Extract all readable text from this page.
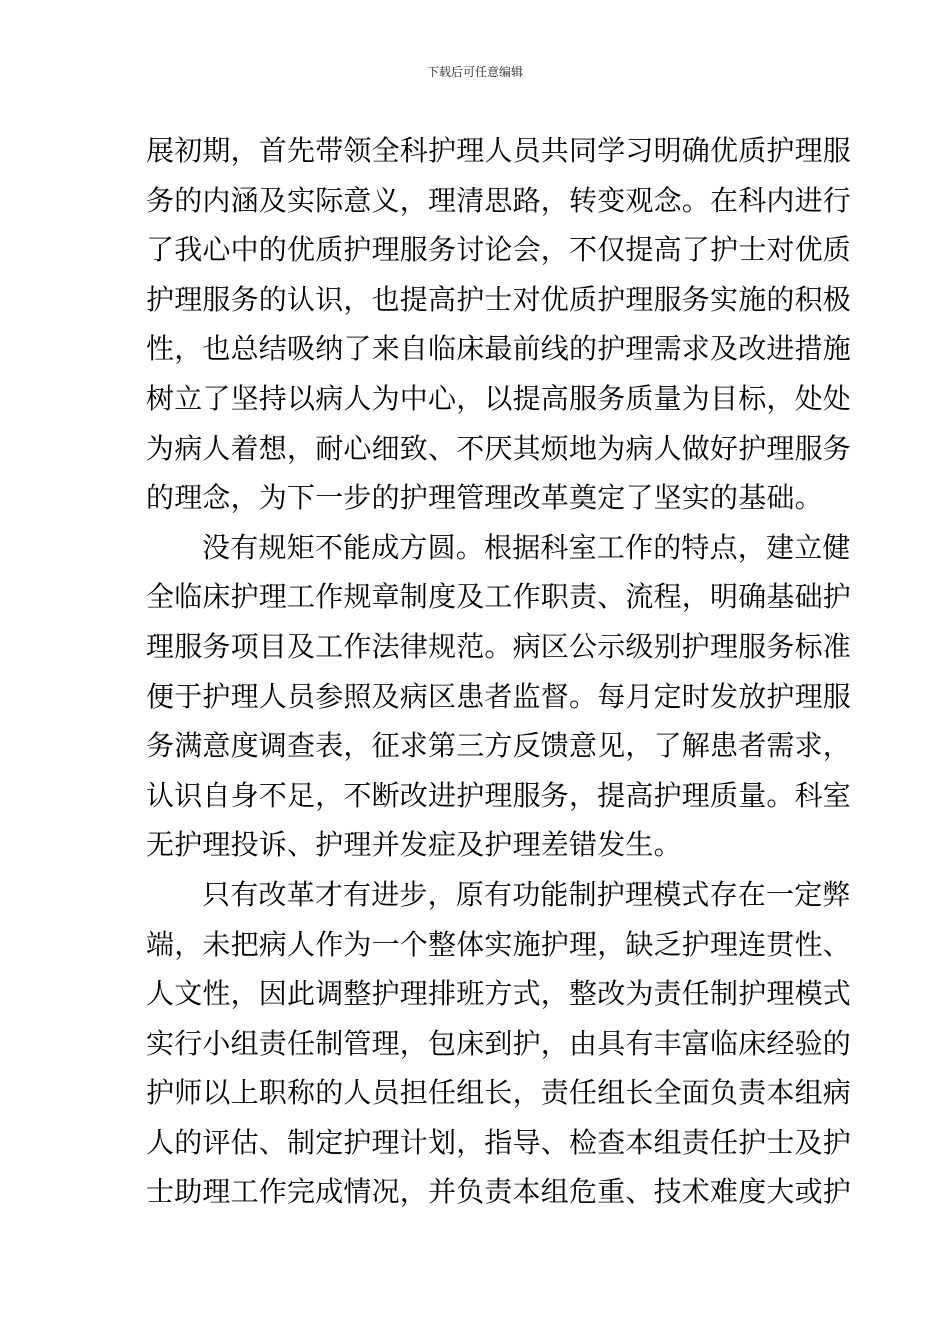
下载后可任意编辑
展初期，首先带领全科护理人员共同学习明确优质护理服
务的内涵及实际意义，理清思路，转变观念。在科内进行
了我心中的优质护理服务讨论会，不仅提高了护士对优质
护理服务的认识，也提高护士对优质护理服务实施的积极
性，也总结吸纳了来自临床最前线的护理需求及改进措施
树立了坚持以病人为中心，以提高服务质量为目标，处处
为病人着想，耐心细致、不厌其烦地为病人做好护理服务
的理念，为下一步的护理管理改革奠定了坚实的基础。
没有规矩不能成方圆。根据科室工作的特点，建立健
全临床护理工作规章制度及工作职责、流程，明确基础护
理服务项目及工作法律规范。病区公示级别护理服务标准
便于护理人员参照及病区患者监督。每月定时发放护理服
务满意度调查表，征求第三方反馈意见，了解患者需求，
认识自身不足，不断改进护理服务，提高护理质量。科室
无护理投诉、护理并发症及护理差错发生。
只有改革才有进步，原有功能制护理模式存在一定弊
端，未把病人作为一个整体实施护理，缺乏护理连贯性、
人文性，因此调整护理排班方式，整改为责任制护理模式
实行小组责任制管理，包床到护，由具有丰富临床经验的
护师以上职称的人员担任组长，责任组长全面负责本组病
人的评估、制定护理计划，指导、检查本组责任护士及护
士助理工作完成情况，并负责本组危重、技术难度大或护
